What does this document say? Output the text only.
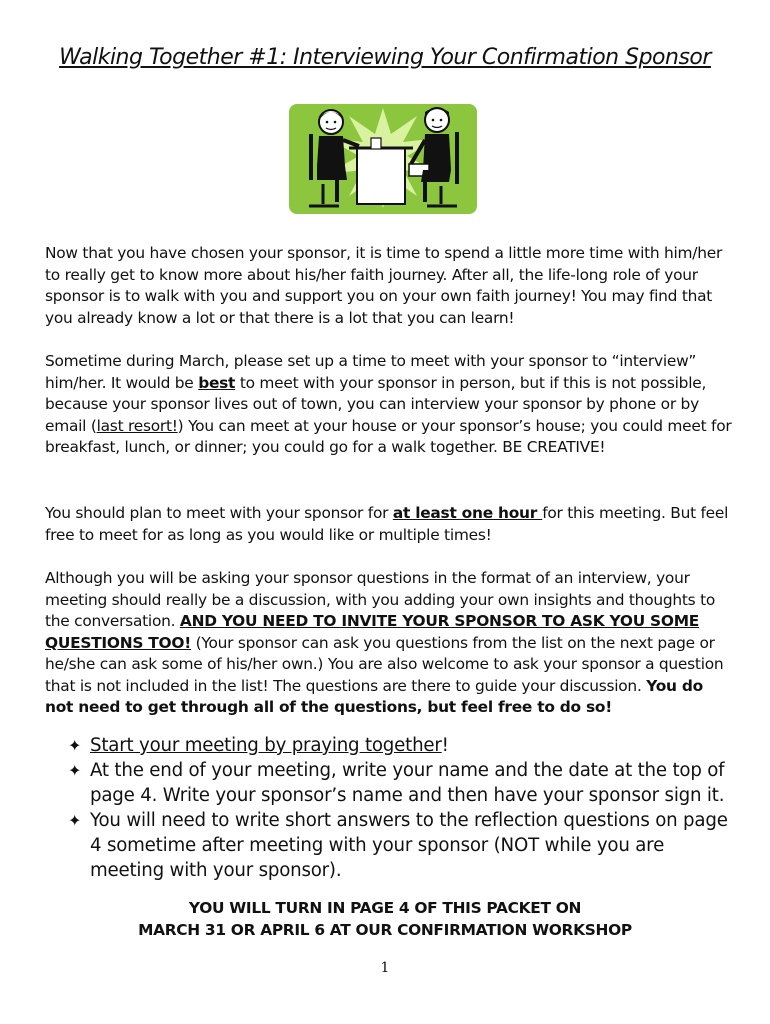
Walking Together #1: Interviewing Your Confirmation Sponsor

Now that you have chosen your sponsor, it is time to spend a little more time with him/her to really get to know more about his/her faith journey. After all, the life-long role of your sponsor is to walk with you and support you on your own faith journey! You may find that you already know a lot or that there is a lot that you can learn!

Sometime during March, please set up a time to meet with your sponsor to “interview” him/her. It would be best to meet with your sponsor in person, but if this is not possible, because your sponsor lives out of town, you can interview your sponsor by phone or by email (last resort!) You can meet at your house or your sponsor’s house; you could meet for breakfast, lunch, or dinner; you could go for a walk together. BE CREATIVE!

You should plan to meet with your sponsor for at least one hour for this meeting. But feel free to meet for as long as you would like or multiple times!

Although you will be asking your sponsor questions in the format of an interview, your meeting should really be a discussion, with you adding your own insights and thoughts to the conversation. AND YOU NEED TO INVITE YOUR SPONSOR TO ASK YOU SOME QUESTIONS TOO! (Your sponsor can ask you questions from the list on the next page or he/she can ask some of his/her own.) You are also welcome to ask your sponsor a question that is not included in the list! The questions are there to guide your discussion. You do not need to get through all of the questions, but feel free to do so!

✦ Start your meeting by praying together!
✦ At the end of your meeting, write your name and the date at the top of page 4. Write your sponsor’s name and then have your sponsor sign it.
✦ You will need to write short answers to the reflection questions on page 4 sometime after meeting with your sponsor (NOT while you are meeting with your sponsor).
YOU WILL TURN IN PAGE 4 OF THIS PACKET ON
MARCH 31 OR APRIL 6 AT OUR CONFIRMATION WORKSHOP
1
